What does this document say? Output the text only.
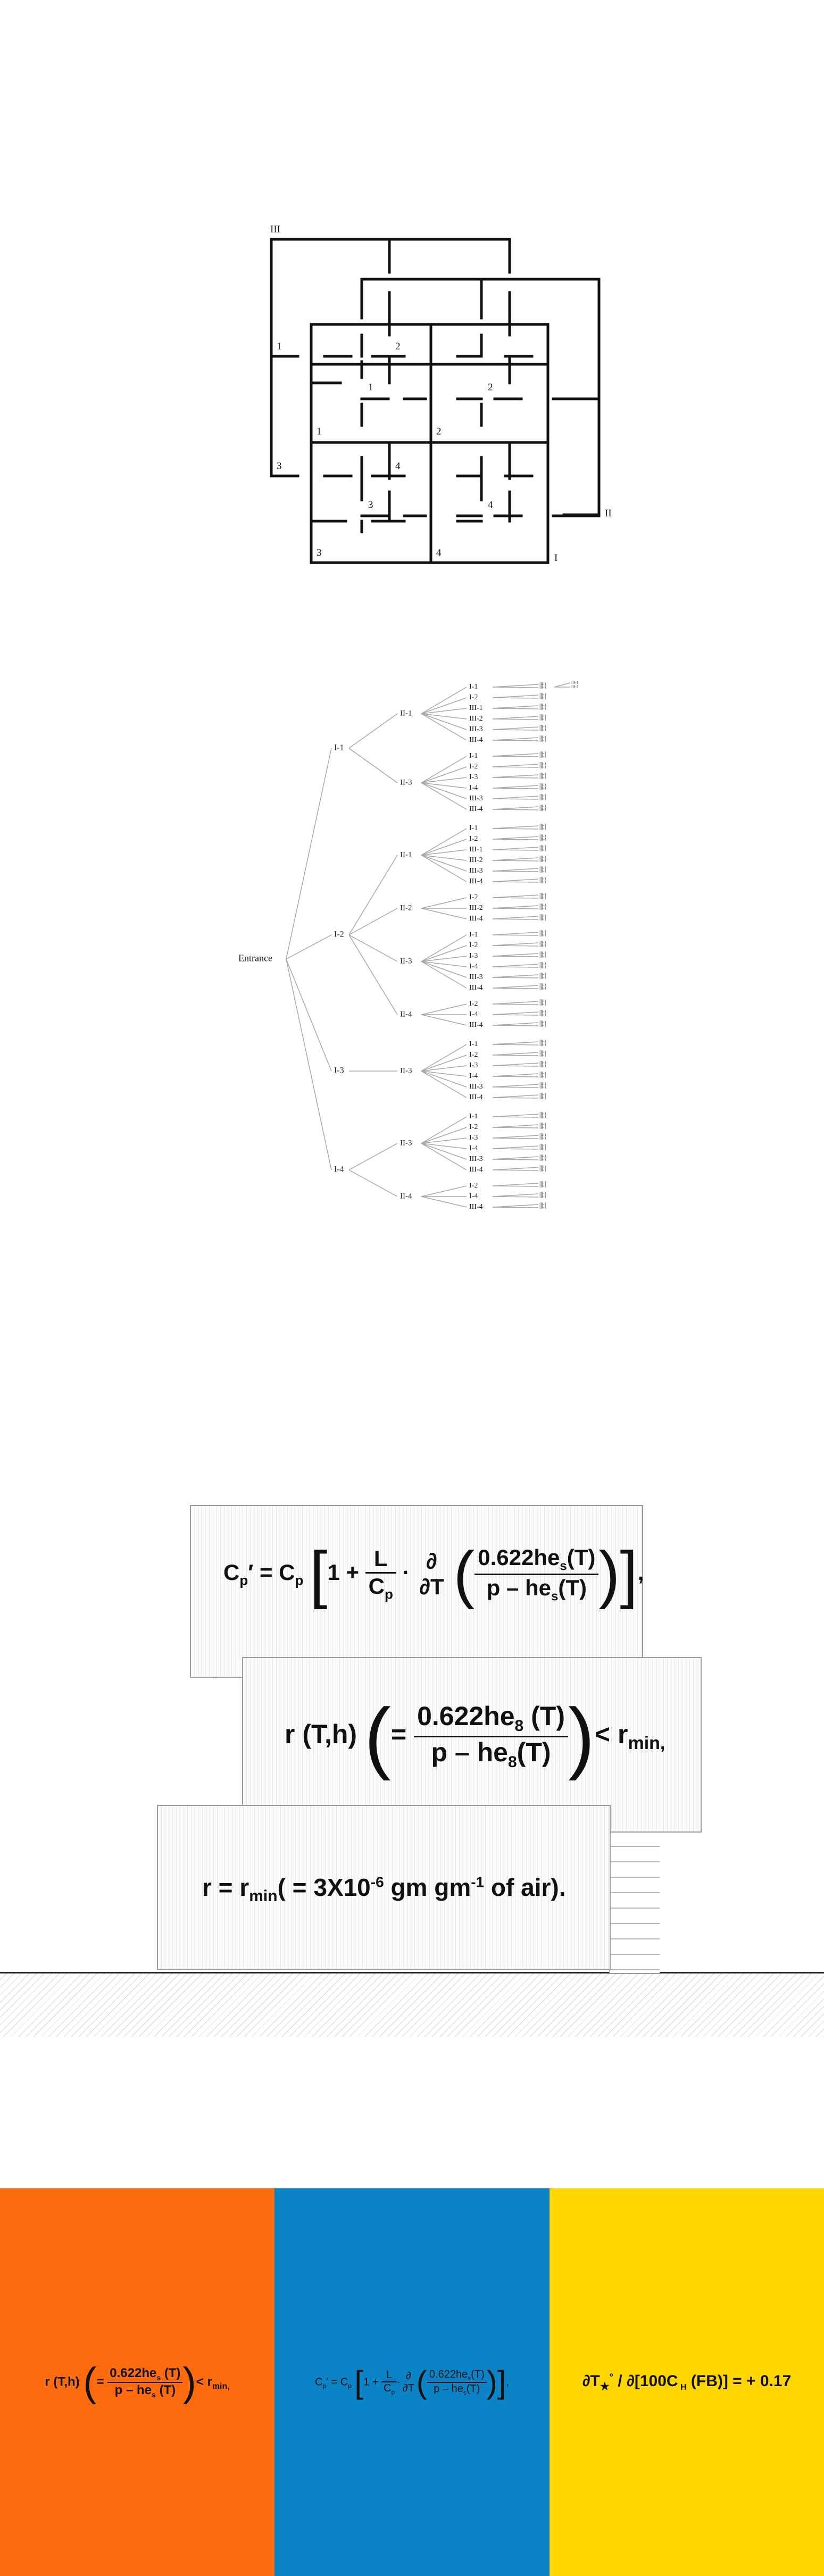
III
II
I
1	2
3	4
1	2
3	4
1	2
3	4
Entrance
I-1
II-1
I-1	III-1
III-1
III-1
III-2
I-2	III-1
III-1
III-1	III-1
III-1
III-2	III-1
III-1
III-3	III-1
III-1
III-4	III-1
III-1
II-3
I-1	III-1
III-1
I-2	III-1
III-1
I-3	III-1
III-1
I-4	III-1
III-1
III-3	III-1
III-1
III-4	III-1
III-1
I-2
II-1
I-1	III-1
III-1
I-2	III-1
III-1
III-1	III-1
III-1
III-2	III-1
III-1
III-3	III-1
III-1
III-4	III-1
III-1
II-2
I-2	III-1
III-1
III-2	III-1
III-1
III-4	III-1
III-1
II-3
I-1	III-1
III-1
I-2	III-1
III-1
I-3	III-1
III-1
I-4	III-1
III-1
III-3	III-1
III-1
III-4	III-1
III-1
II-4
I-2	III-1
III-1
I-4	III-1
III-1
III-4	III-1
III-1
I-3	II-3
I-1	III-1
III-1
I-2	III-1
III-1
I-3	III-1
III-1
I-4	III-1
III-1
III-3	III-1
III-1
III-4	III-1
III-1
I-4
II-3
I-1	III-1
III-1
I-2	III-1
III-1
I-3	III-1
III-1
I-4	III-1
III-1
III-3	III-1
III-1
III-4	III-1
III-1
II-4
I-2	III-1
III-1
I-4	III-1
III-1
III-4	III-1
III-1
$C_p' = C_p$ [$1 + \frac{L}{C_p}$ · ∂
∂T ( $\frac{0.622he_s(T)}{p - he_s(T)}$ )],
r (T,h) (= $\frac{0.622he_8 (T)}{p - he_8(T)}$ )< $r_{min,}$
$r = r_{min}( = 3X10^{-6}$ gm $gm^{-1}$ of air).
r (T,h) (= $\frac{0.622he_s (T)}{p - he_s (T)}$ )< $r_{min,}$	$C_p' = C_p$ [$1 + \frac{L}{C_p}$ ·
∂
∂T ( $\frac{0.622he_s(T)}{p - he_s(T)}$ )],	$\partial T_★^\circ / \partial[100C$ $_H$ (FB)] = + 0.17
